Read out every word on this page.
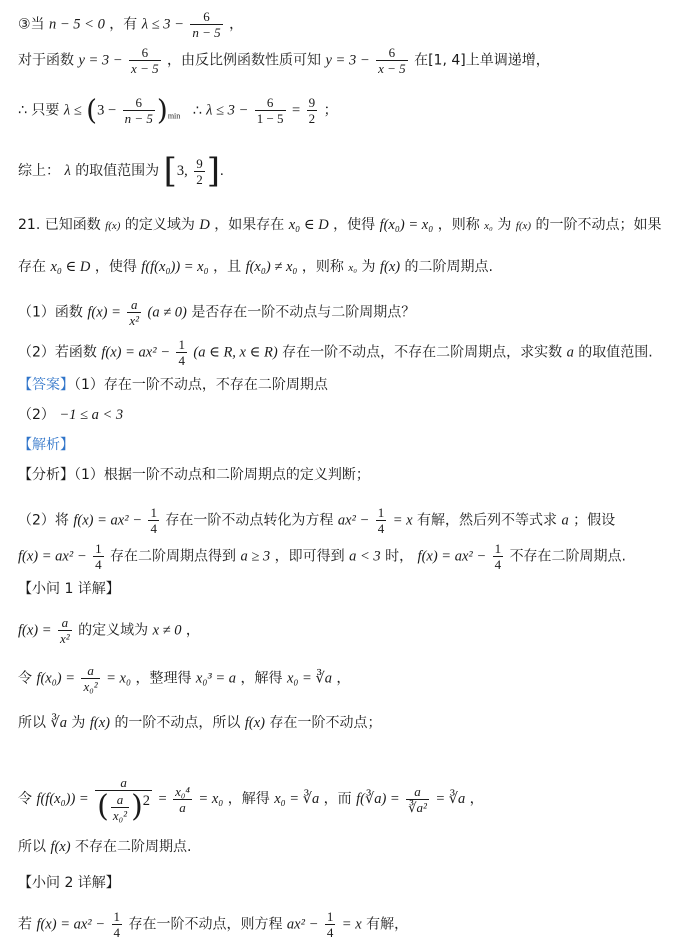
③当 n − 5 < 0 ，有 $\lambda \le 3 - \frac{6}{n - 5}$ ，
对于函数 $y = 3 - \frac{6}{x - 5}$ ，由反比例函数性质可知 $y = 3 - \frac{6}{x - 5}$ 在[1, 4]上单调递增，
∴ 只要 $\lambda \le (3 - \frac{6}{n - 5} )_{min}$ ∴ $\lambda \le 3 - \frac{6}{1 - 5} = \frac{9}{2}$ ；
综上： λ 的取值范围为 [3, $\frac{9}{2}$ ].
21. 已知函数 f(x) 的定义域为 D ，如果存在 x₀ ∈ D ，使得 f(x₀) = x₀ ，则称 x₀ 为 f(x) 的一阶不动点；如果
存在 x₀ ∈ D ，使得 f(f(x₀)) = x₀ ，且 f(x₀) ≠ x₀ ，则称 x₀ 为 f(x) 的二阶周期点.
（1）函数 $f(x) = \frac{a}{\text{x²}} (a \ne 0)$ 是否存在一阶不动点与二阶周期点？
（2）若函数 $f(x) = ax^2 - \frac{1}{4} (a$ ∈ R, x ∈ R) 存在一阶不动点，不存在二阶周期点，求实数 a 的取值范围.
【答案】（1）存在一阶不动点，不存在二阶周期点
（2） −1 ≤ a < 3
【解析】
【分析】（1）根据一阶不动点和二阶周期点的定义判断；
（2）将 $f(x) = ax^2 - \frac{1}{4}$ 存在一阶不动点转化为方程 $ax^2 - \frac{1}{4} = x$ 有解，然后列不等式求 a ；假设
$f(x) = ax^2 - \frac{1}{4}$ 存在二阶周期点得到 a ≥ 3 ，即可得到 a < 3 时， $f(x) = ax^2 - \frac{1}{4}$ 不存在二阶周期点.
【小问 1 详解】
$f(x) = \frac{a}{\text{x²}}$ 的定义域为 x ≠ 0 ，
令 $f(x_0) = \frac{a}{\text{x₀²}} = x_0$ ，整理得 x₀³ = a ，解得 x₀ = ∛a ，
所以 ∛a 为 f(x) 的一阶不动点，所以 f(x) 存在一阶不动点；
令 $f(f(x_0)) = \frac{a}{( \frac{a}{\text{x₀²}} )^2} = \frac{\text{x₀⁴}}{a} = x_0$ ，解得 x₀ = ∛a ，而 f(∛a) = $\frac{a}{\text{∛a²}}$ = ∛a ，
所以 f(x) 不存在二阶周期点.
【小问 2 详解】
若 $f(x) = ax^2 - \frac{1}{4}$ 存在一阶不动点，则方程 $ax^2 - \frac{1}{4} = x$ 有解，
